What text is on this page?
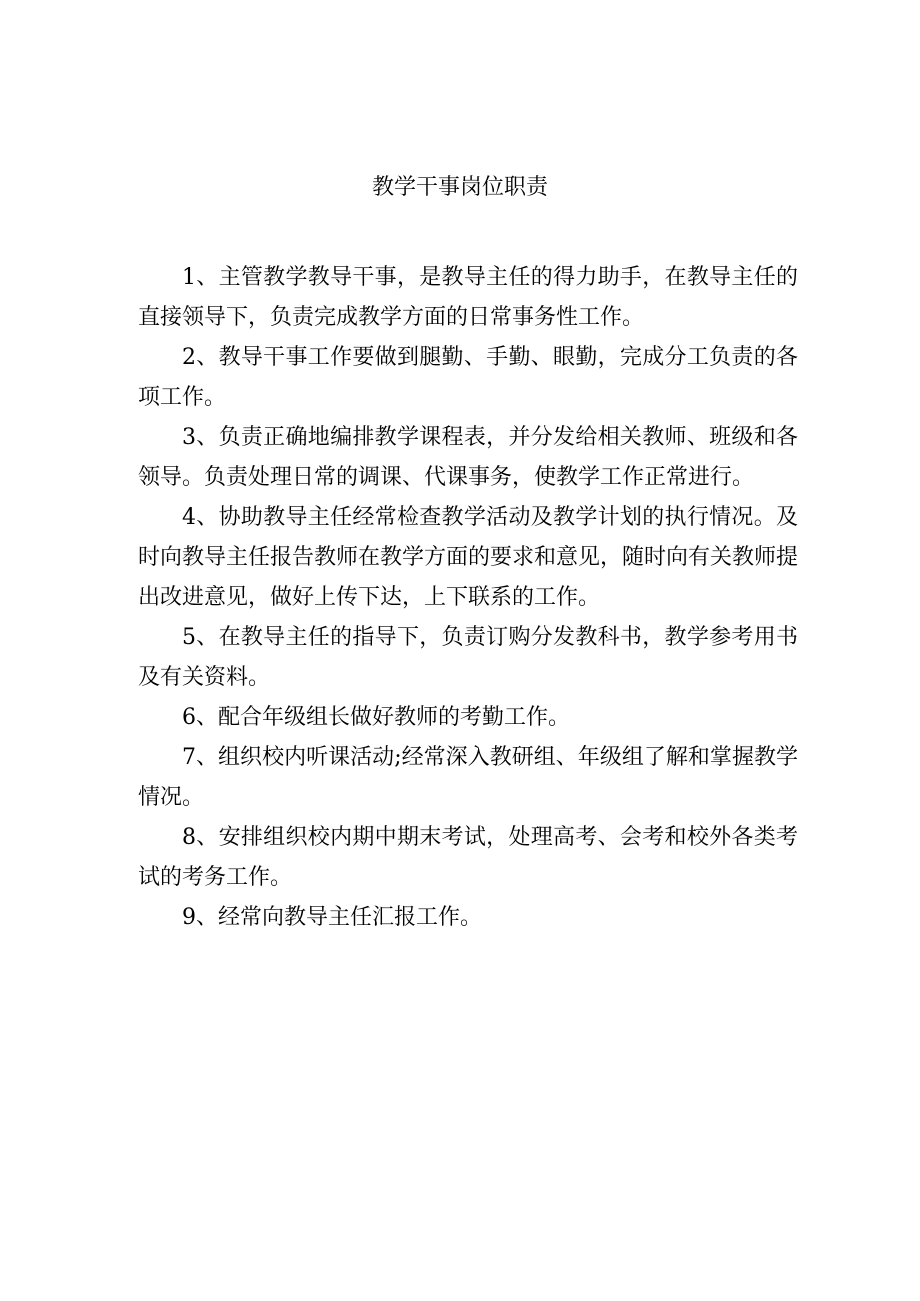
教学干事岗位职责

1、主管教学教导干事，是教导主任的得力助手，在教导主任的直接领导下，负责完成教学方面的日常事务性工作。

2、教导干事工作要做到腿勤、手勤、眼勤，完成分工负责的各项工作。

3、负责正确地编排教学课程表，并分发给相关教师、班级和各领导。负责处理日常的调课、代课事务，使教学工作正常进行。

4、协助教导主任经常检查教学活动及教学计划的执行情况。及时向教导主任报告教师在教学方面的要求和意见，随时向有关教师提出改进意见，做好上传下达，上下联系的工作。

5、在教导主任的指导下，负责订购分发教科书，教学参考用书及有关资料。

6、配合年级组长做好教师的考勤工作。

7、组织校内听课活动;经常深入教研组、年级组了解和掌握教学情况。

8、安排组织校内期中期末考试，处理高考、会考和校外各类考试的考务工作。

9、经常向教导主任汇报工作。
